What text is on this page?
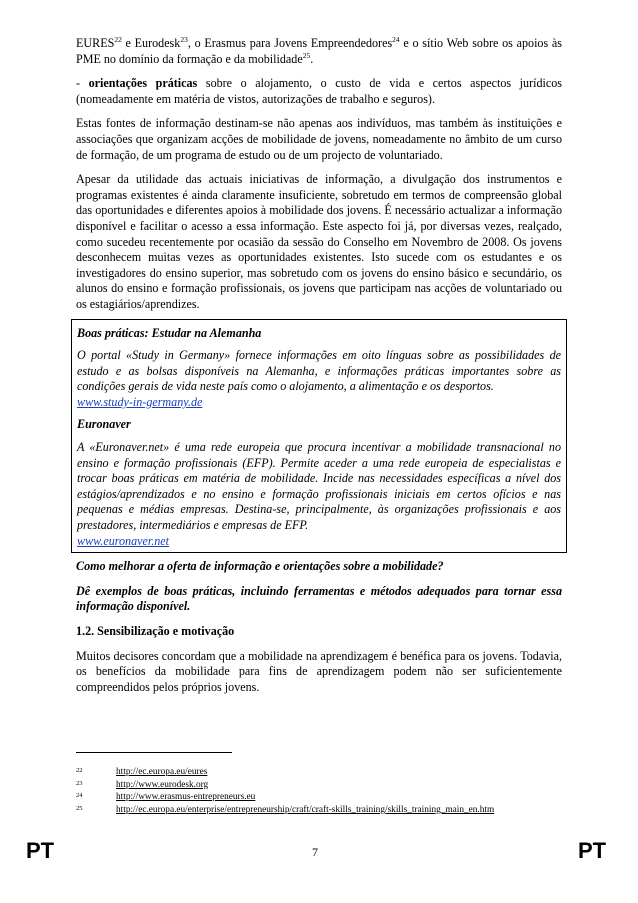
EURES$^{22}$ e Eurodesk$^{23}$, o Erasmus para Jovens Empreendedores$^{24}$ e o sítio Web sobre os apoios às PME no domínio da formação e da mobilidade$^{25}$.

- orientações práticas sobre o alojamento, o custo de vida e certos aspectos jurídicos (nomeadamente em matéria de vistos, autorizações de trabalho e seguros).

Estas fontes de informação destinam-se não apenas aos indivíduos, mas também às instituições e associações que organizam acções de mobilidade de jovens, nomeadamente no âmbito de um curso de formação, de um programa de estudo ou de um projecto de voluntariado.

Apesar da utilidade das actuais iniciativas de informação, a divulgação dos instrumentos e programas existentes é ainda claramente insuficiente, sobretudo em termos de compreensão global das oportunidades e diferentes apoios à mobilidade dos jovens. É necessário actualizar a informação disponível e facilitar o acesso a essa informação. Este aspecto foi já, por diversas vezes, realçado, como sucedeu recentemente por ocasião da sessão do Conselho em Novembro de 2008. Os jovens desconhecem muitas vezes as oportunidades existentes. Isto sucede com os estudantes e os investigadores do ensino superior, mas sobretudo com os jovens do ensino básico e secundário, os alunos do ensino e formação profissionais, os jovens que participam nas acções de voluntariado ou os estagiários/aprendizes.

Boas práticas: Estudar na Alemanha

O portal «Study in Germany» fornece informações em oito línguas sobre as possibilidades de estudo e as bolsas disponíveis na Alemanha, e informações práticas importantes sobre as condições gerais de vida neste país como o alojamento, a alimentação e os desportos.
www.study-in-germany.de

Euronaver

A «Euronaver.net» é uma rede europeia que procura incentivar a mobilidade transnacional no ensino e formação profissionais (EFP). Permite aceder a uma rede europeia de especialistas e trocar boas práticas em matéria de mobilidade. Incide nas necessidades específicas a nível dos estágios/aprendizados e no ensino e formação profissionais iniciais em certos ofícios e nas pequenas e médias empresas. Destina-se, principalmente, às organizações profissionais e aos prestadores, intermediários e empresas de EFP.
www.euronaver.net

Como melhorar a oferta de informação e orientações sobre a mobilidade?

Dê exemplos de boas práticas, incluindo ferramentas e métodos adequados para tornar essa informação disponível.

1.2. Sensibilização e motivação

Muitos decisores concordam que a mobilidade na aprendizagem é benéfica para os jovens. Todavia, os benefícios da mobilidade para fins de aprendizagem podem não ser suficientemente compreendidos pelos próprios jovens.

22	http://ec.europa.eu/eures
23	http://www.eurodesk.org
24	http://www.erasmus-entrepreneurs.eu
25	http://ec.europa.eu/enterprise/entrepreneurship/craft/craft-skills_training/skills_training_main_en.htm
PT	7	PT
